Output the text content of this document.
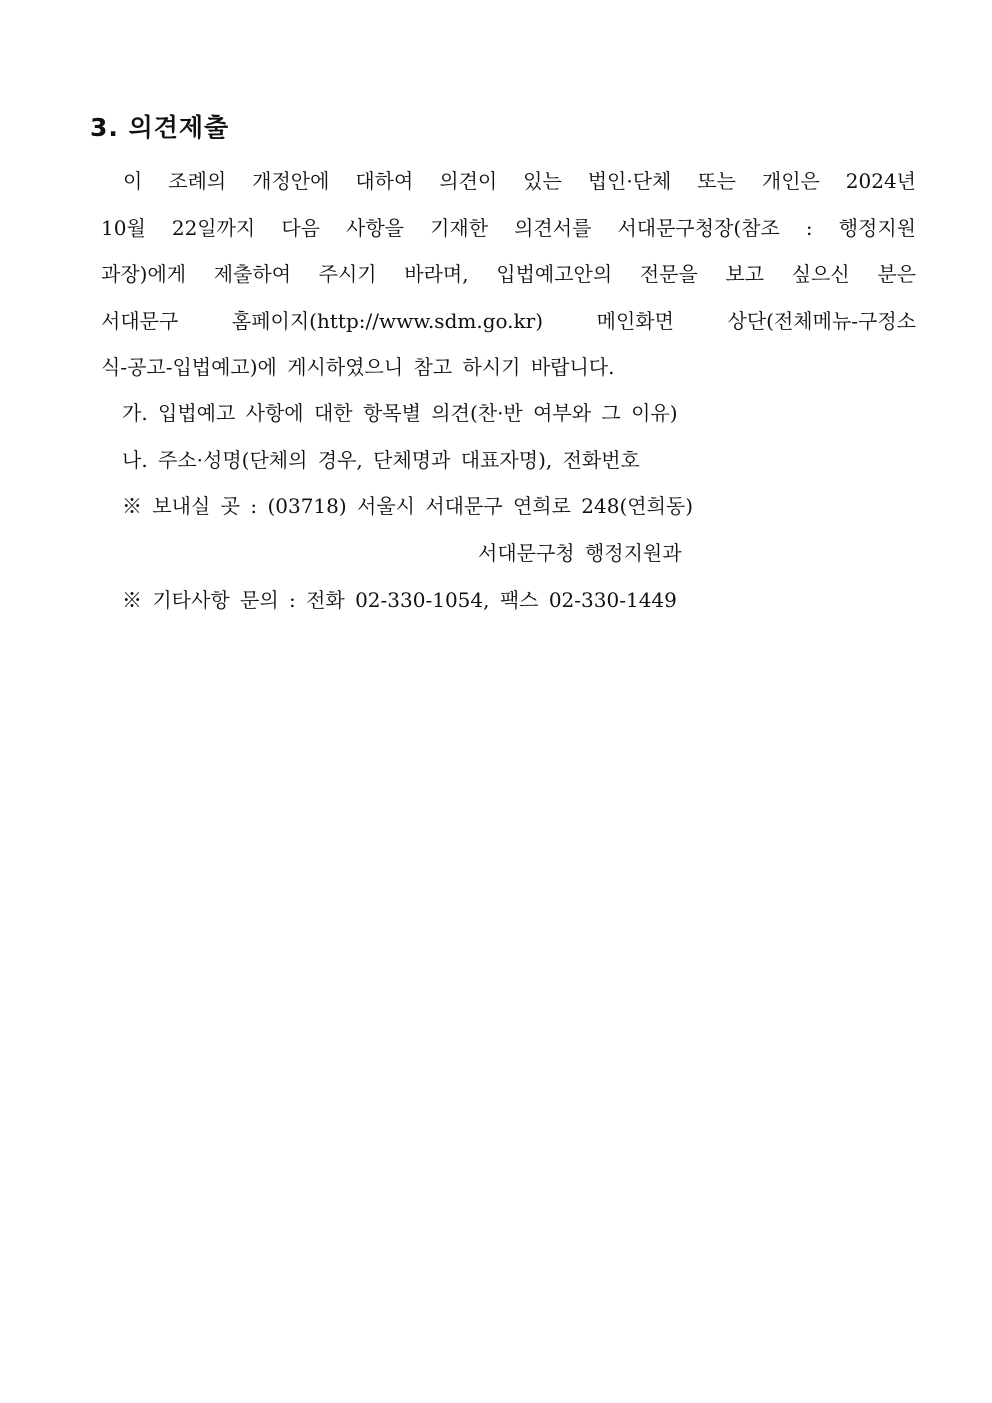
3. 의견제출
이 조례의 개정안에 대하여 의견이 있는 법인·단체 또는 개인은 2024년
10월 22일까지 다음 사항을 기재한 의견서를 서대문구청장(참조 : 행정지원
과장)에게 제출하여 주시기 바라며, 입법예고안의 전문을 보고 싶으신 분은
서대문구 홈페이지(http://www.sdm.go.kr) 메인화면 상단(전체메뉴-구정소
식-공고-입법예고)에 게시하였으니 참고 하시기 바랍니다.
가. 입법예고 사항에 대한 항목별 의견(찬·반 여부와 그 이유)
나. 주소·성명(단체의 경우, 단체명과 대표자명), 전화번호
※ 보내실 곳 : (03718) 서울시 서대문구 연희로 248(연희동)
서대문구청 행정지원과
※ 기타사항 문의 : 전화 02-330-1054, 팩스 02-330-1449
